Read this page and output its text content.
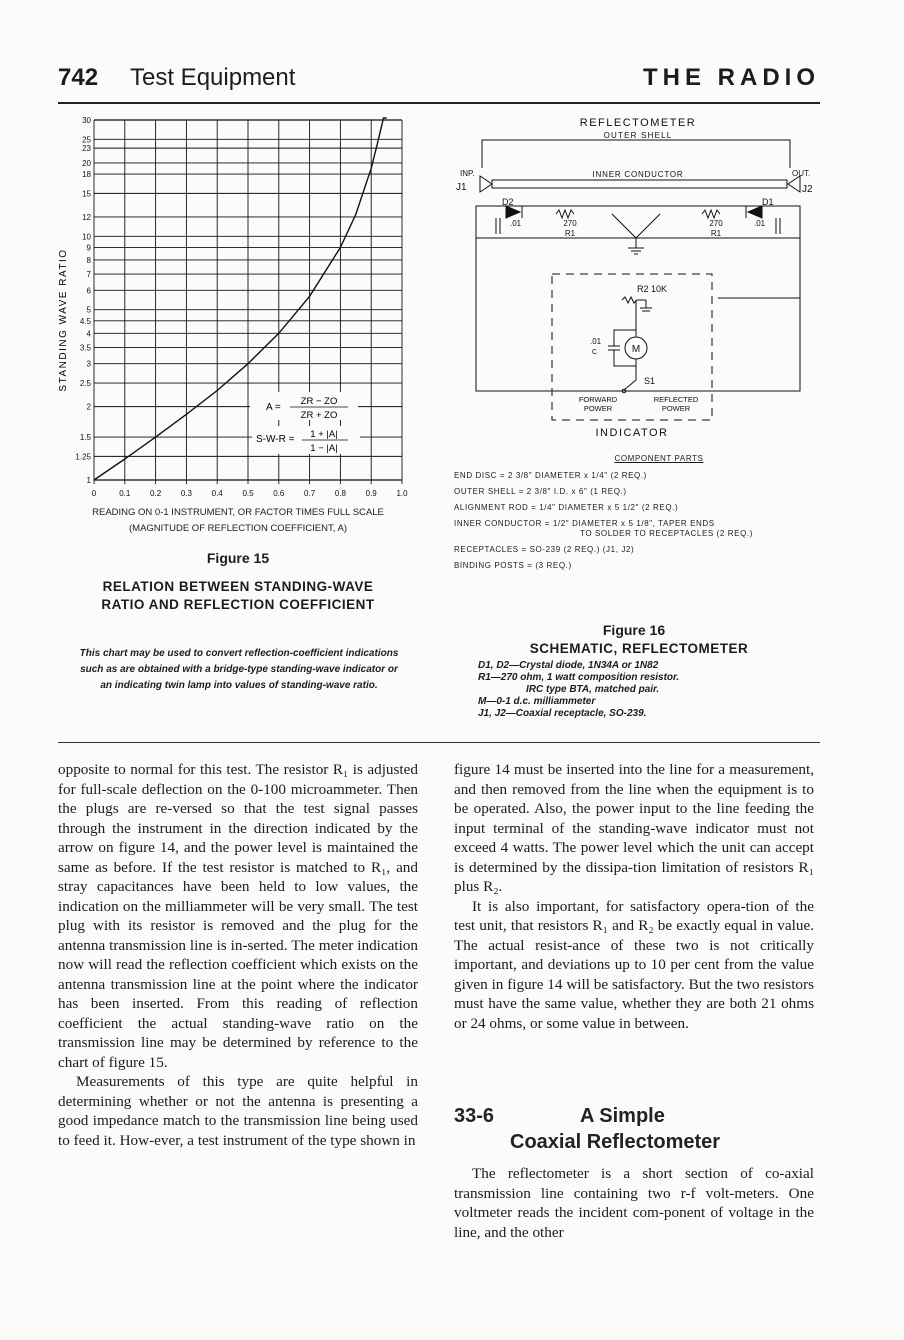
742 Test Equipment	THE RADIO
1
1.25
1.5
2
2.5
3
3.5
4
4.5
5
6
7
8
9
10
12
15
18
20
23
25
30
0	0.1 0.2 0.3 0.4 0.5 0.6 0.7 0.8 0.9 1.0
STANDING WAVE RATIO
A =
ZR − ZO
ZR + ZO
S-W-R = 1 + |A|
1 − |A|
READING ON 0-1 INSTRUMENT, OR FACTOR TIMES FULL SCALE
(MAGNITUDE OF REFLECTION COEFFICIENT, A)
Figure 15
RELATION BETWEEN STANDING-WAVE RATIO AND REFLECTION COEFFICIENT
This chart may be used to convert reflection-coefficient indications such as are obtained with a bridge-type standing-wave indicator or an indicating twin lamp into values of standing-wave ratio.
REFLECTOMETER
OUTER SHELL
INNER CONDUCTOR
INP.
J1
OUT.
J2
D2	D1
270
R1
270
R1
.01	.01
R2 10K
.01
C	M
S1
FORWARD
POWER
REFLECTED
POWER
INDICATOR
COMPONENT PARTS
END DISC = 2 3/8" DIAMETER x 1/4" (2 REQ.)
OUTER SHELL = 2 3/8" I.D. x 6" (1 REQ.)
ALIGNMENT ROD = 1/4" DIAMETER x 5 1/2" (2 REQ.)
INNER CONDUCTOR = 1/2" DIAMETER x 5 1/8", TAPER ENDS
TO SOLDER TO RECEPTACLES (2 REQ.)
RECEPTACLES = SO-239 (2 REQ.) (J1, J2)
BINDING POSTS = (3 REQ.)
Figure 16
SCHEMATIC, REFLECTOMETER
D1, D2—Crystal diode, 1N34A or 1N82
R1—270 ohm, 1 watt composition resistor.
IRC type BTA, matched pair.
M—0-1 d.c. milliammeter
J1, J2—Coaxial receptacle, SO-239.

opposite to normal for this test. The resistor R₁ is adjusted for full-scale deflection on the 0-100 microammeter. Then the plugs are re-versed so that the test signal passes through the instrument in the direction indicated by the arrow on figure 14, and the power level is maintained the same as before. If the test resistor is matched to R₁, and stray capacitances have been held to low values, the indication on the milliammeter will be very small. The test plug with its resistor is removed and the plug for the antenna transmission line is in-serted. The meter indication now will read the reflection coefficient which exists on the antenna transmission line at the point where the indicator has been inserted. From this reading of reflection coefficient the actual standing-wave ratio on the transmission line may be determined by reference to the chart of figure 15.

Measurements of this type are quite helpful in determining whether or not the antenna is presenting a good impedance match to the transmission line being used to feed it. How-ever, a test instrument of the type shown in

figure 14 must be inserted into the line for a measurement, and then removed from the line when the equipment is to be operated. Also, the power input to the line feeding the input terminal of the standing-wave indicator must not exceed 4 watts. The power level which the unit can accept is determined by the dissipa-tion limitation of resistors R₁ plus R₂.

It is also important, for satisfactory opera-tion of the test unit, that resistors R₁ and R₂ be exactly equal in value. The actual resist-ance of these two is not critically important, and deviations up to 10 per cent from the value given in figure 14 will be satisfactory. But the two resistors must have the same value, whether they are both 21 ohms or 24 ohms, or some value in between.

33-6	A Simple
Coaxial Reflectometer

The reflectometer is a short section of co-axial transmission line containing two r-f volt-meters. One voltmeter reads the incident com-ponent of voltage in the line, and the other
